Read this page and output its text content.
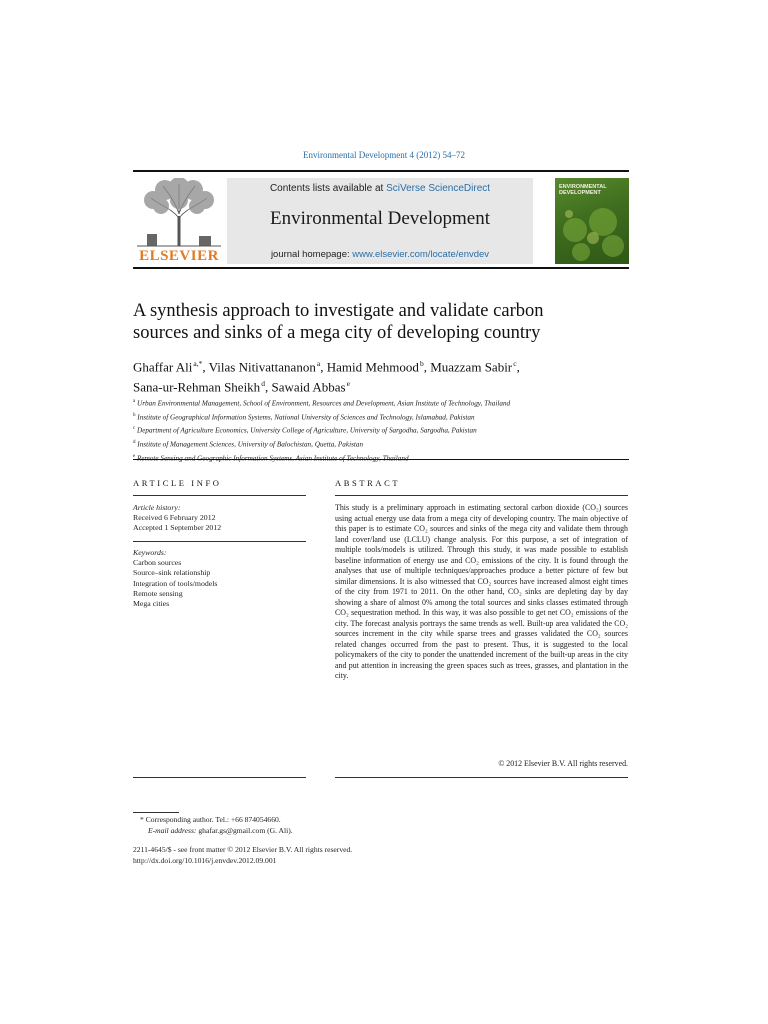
Environmental Development 4 (2012) 54–72
ELSEVIER
Contents lists available at SciVerse ScienceDirect
Environmental Development
journal homepage: www.elsevier.com/locate/envdev
ENVIRONMENTAL
DEVELOPMENT
A synthesis approach to investigate and validate carbon
sources and sinks of a mega city of developing country
Ghaffar Ali $^{a,*}$, Vilas Nitivattananon $^a$, Hamid Mehmood $^b$, Muazzam Sabir $^c$,
Sana-ur-Rehman Sheikh $^d$, Sawaid Abbas $^e$
$^a$ Urban Environmental Management, School of Environment, Resources and Development, Asian Institute of Technology, Thailand
$^b$ Institute of Geographical Information Systems, National University of Sciences and Technology, Islamabad, Pakistan
$^c$ Department of Agriculture Economics, University College of Agriculture, University of Sargodha, Sargodha, Pakistan
$^d$ Institute of Management Sciences, University of Balochistan, Quetta, Pakistan
$^e$
ARTICLE INFO
Article history:
Received 6 February 2012
Accepted 1 September 2012
Keywords:
Carbon sources
Source–sink relationship
Integration of tools/models
Remote sensing
Mega cities
ABSTRACT
This study is a preliminary approach in estimating sectoral carbon dioxide (CO₂) sources using actual energy use data from a mega city of developing country. The main objective of this paper is to estimate CO₂ sources and sinks of the mega city and validate them through land cover/land use (LCLU) change analysis. For this purpose, a set of integration of multiple tools/models is utilized. Through this study, it was made possible to establish baseline information of energy use and CO₂ emissions of the city. It is found through the analyses that use of multiple techniques/approaches produce a better picture of few but similar dimensions. It is also witnessed that CO₂ sources have increased almost eight times of the city from 1971 to 2011. On the other hand, CO₂ sinks are depleting day by day showing a share of almost 0% among the total sources and sinks classes estimated through CO₂ sequestration method. In this way, it was also possible to get net CO₂ emissions of the city. The forecast analysis portrays the same trends as well. Built-up area validated the CO₂ sources increment in the city while sparse trees and grasses validated the CO₂ sources related changes occurred from the past to present. Thus, it is suggested to the local policymakers of the city to ponder the unattended increment of the built-up areas in the city and put attention in increasing the green spaces such as trees, grasses, and plantation in the city.
© 2012 Elsevier B.V. All rights reserved.
* Corresponding author. Tel.: +66 874054660.
E-mail address: ghafar.gs@gmail.com (G. Ali).
2211-4645/$ - see front matter © 2012 Elsevier B.V. All rights reserved.
http://dx.doi.org/10.1016/j.envdev.2012.09.001
